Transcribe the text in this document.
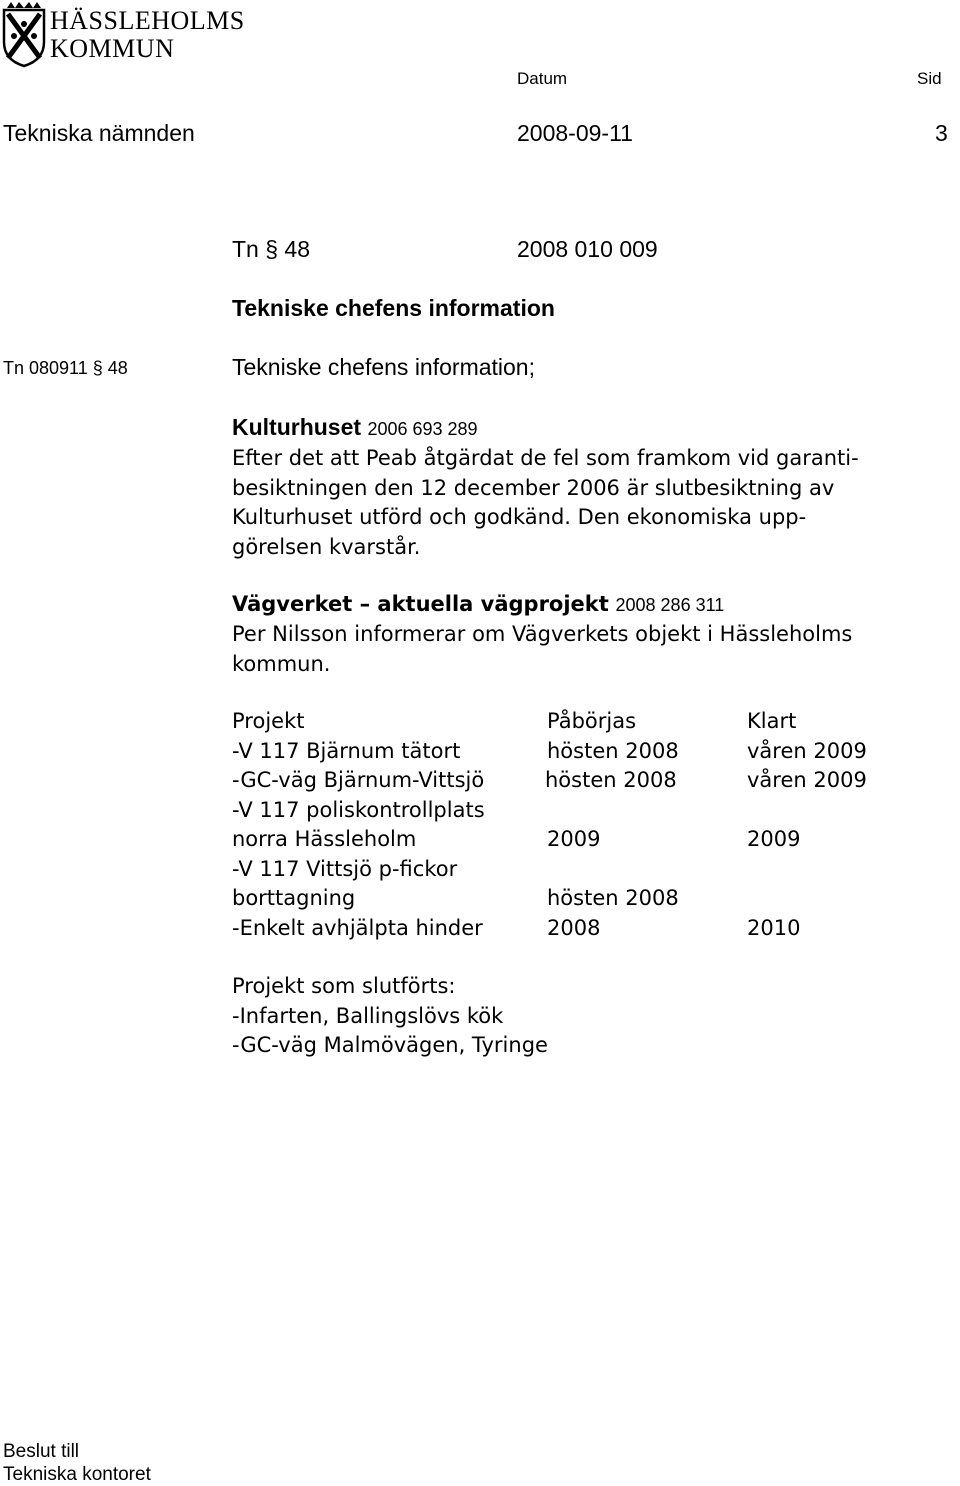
HÄSSLEHOLMS
KOMMUN
Datum	Sid
Tekniska nämnden	2008-09-11	3
Tn § 48	2008 010 009
Tekniske chefens information
Tn 080911 § 48	Tekniske chefens information;
Kulturhuset 2006 693 289
Efter det att Peab åtgärdat de fel som framkom vid garanti-
besiktningen den 12 december 2006 är slutbesiktning av
Kulturhuset utförd och godkänd. Den ekonomiska upp-
görelsen kvarstår.
Vägverket – aktuella vägprojekt 2008 286 311
Per Nilsson informerar om Vägverkets objekt i Hässleholms
kommun.
Projekt	Påbörjas	Klart
-V 117 Bjärnum tätort	hösten 2008	våren 2009
-GC-väg Bjärnum-Vittsjö	hösten 2008	våren 2009
-V 117 poliskontrollplats
norra Hässleholm	2009	2009
-V 117 Vittsjö p-fickor
borttagning	hösten 2008
-Enkelt avhjälpta hinder	2008	2010
Projekt som slutförts:
-Infarten, Ballingslövs kök
-GC-väg Malmövägen, Tyringe
Beslut till
Tekniska kontoret
